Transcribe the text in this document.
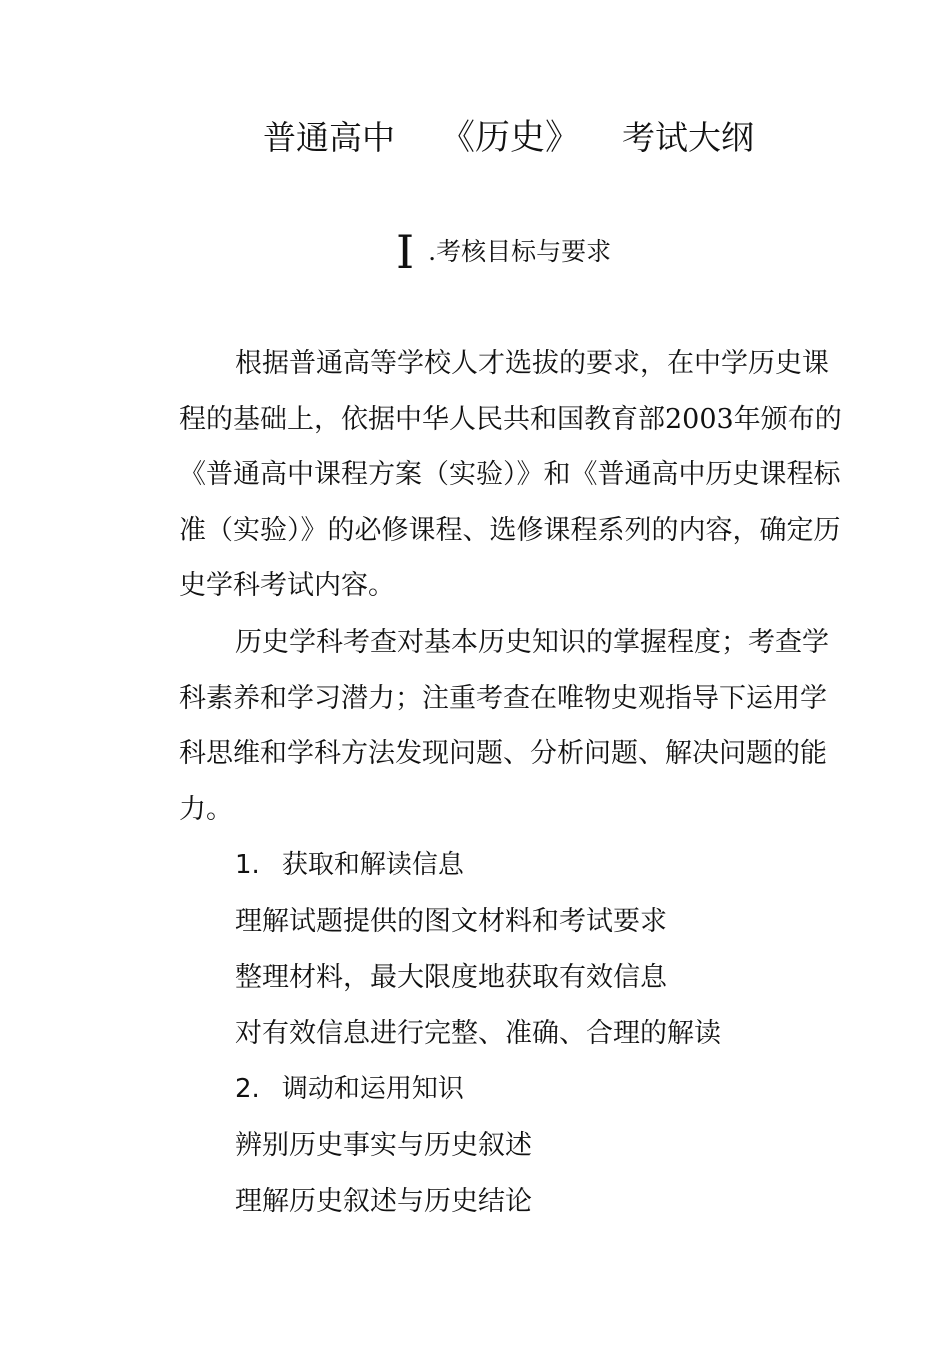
普通高中 《历史》 考试大纲
I .考核目标与要求

根据普通高等学校人才选拔的要求，在中学历史课程的基础上，依据中华人民共和国教育部2003年颁布的《普通高中课程方案（实验）》和《普通高中历史课程标准（实验）》的必修课程、选修课程系列的内容，确定历史学科考试内容。

历史学科考查对基本历史知识的掌握程度；考查学科素养和学习潜力；注重考查在唯物史观指导下运用学科思维和学科方法发现问题、分析问题、解决问题的能力。

1. 获取和解读信息
理解试题提供的图文材料和考试要求
整理材料，最大限度地获取有效信息
对有效信息进行完整、准确、合理的解读
2. 调动和运用知识
辨别历史事实与历史叙述
理解历史叙述与历史结论
